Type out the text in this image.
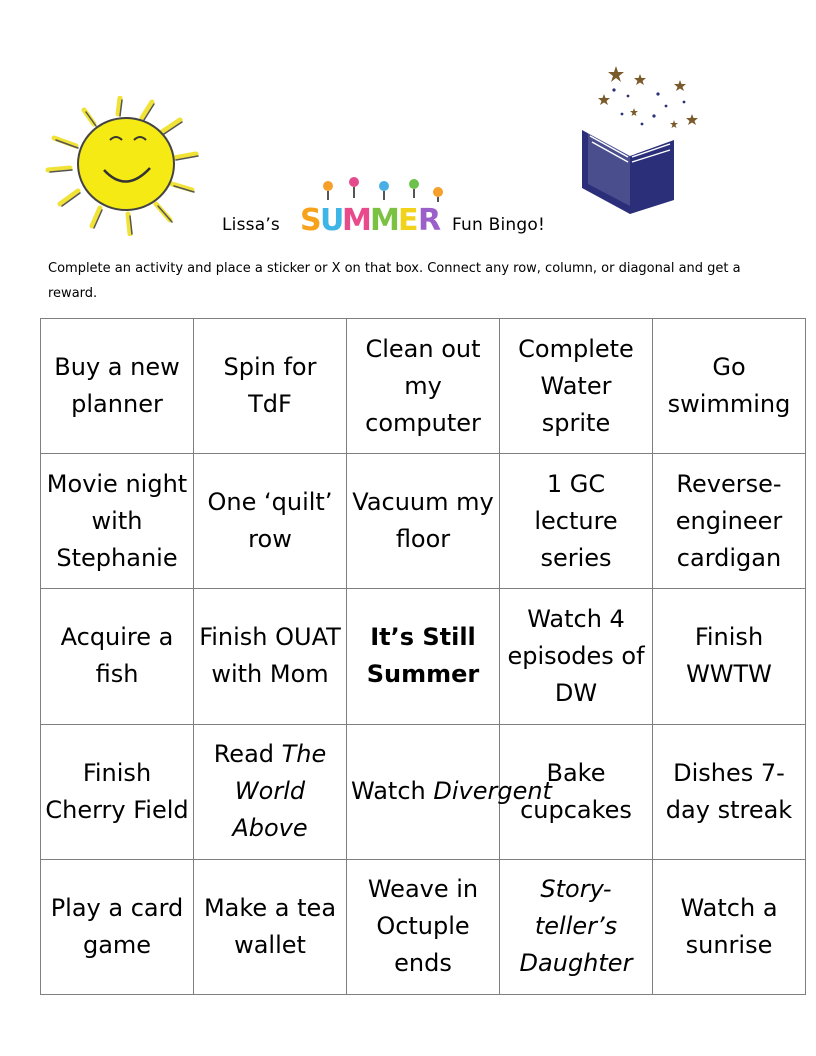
Lissa’s S
U
M
M
E R Fun Bingo!
Complete an activity and place a sticker or X on that box. Connect any row, column, or diagonal and get a reward.
Buy a new planner	Spin for TdF	Clean out my computer	Complete Water sprite	Go swimming
Movie night with Stephanie	One ‘quilt’ row	Vacuum my floor	1 GC lecture series	Reverse-engineer cardigan
Acquire a fish	Finish OUAT with Mom	It’s Still Summer	Watch 4 episodes of DW	Finish WWTW
Finish Cherry Field	Read The World Above	Watch Divergent	Bake cupcakes	Dishes 7-day streak
Play a card game	Make a tea wallet	Weave in Octuple ends	Story-teller’s Daughter	Watch a sunrise
